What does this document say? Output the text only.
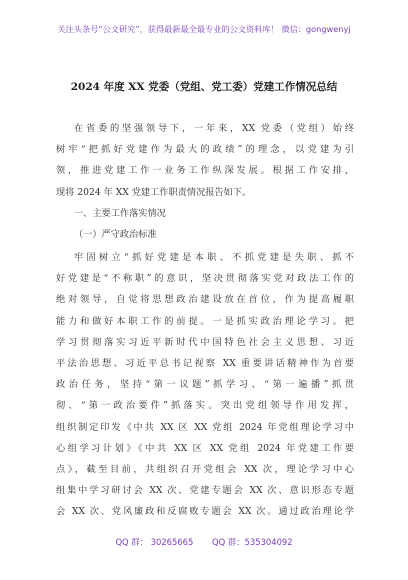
关注头条号“公文研究”，获得最新最全最专业的公文资料库！ 微信：gongwenyj
2024 年度 XX 党委（党组、党工委）党建工作情况总结
在省委的坚强领导下，一年来，XX 党委（党组）始终
树牢“把抓好党建作为最大的政绩”的理念，以党建为引
领，推进党建工作一业务工作纵深发展。根据工作安排，
现将 2024 年 XX 党建工作职责情况报告如下。
一、主要工作落实情况
（一）严守政治标准
牢固树立“抓好党建是本职、不抓党建是失职、抓不
好党建是“不称职”的意识，坚决贯彻落实党对政法工作的
绝对领导，自觉将思想政治建设放在首位，作为提高履职
能力和做好本职工作的前提。一是抓实政治理论学习。把
学习贯彻落实习近平新时代中国特色社会主义思想、习近
平法治思想、习近平总书记视察 XX 重要讲话精神作为首要
政治任务，坚持“第一议题”抓学习、“第一遍播”抓贯
彻、“第一政治要件”抓落实。突出党组领导作用发挥，
组织制定印发《中共 XX 区 XX 党组 2024 年党组理论学习中
心组学习计划》《中共 XX 区 XX 党组 2024 年党建工作要
点》，截至目前，共组织召开党组会 XX 次，理论学习中心
组集中学习研讨会 XX 次、党建专题会 XX 次、意识形态专题
会 XX 次、党风廉政和反腐败专题会 XX 次。通过政治理论学
QQ 群： 30265665 QQ 群：535304092
